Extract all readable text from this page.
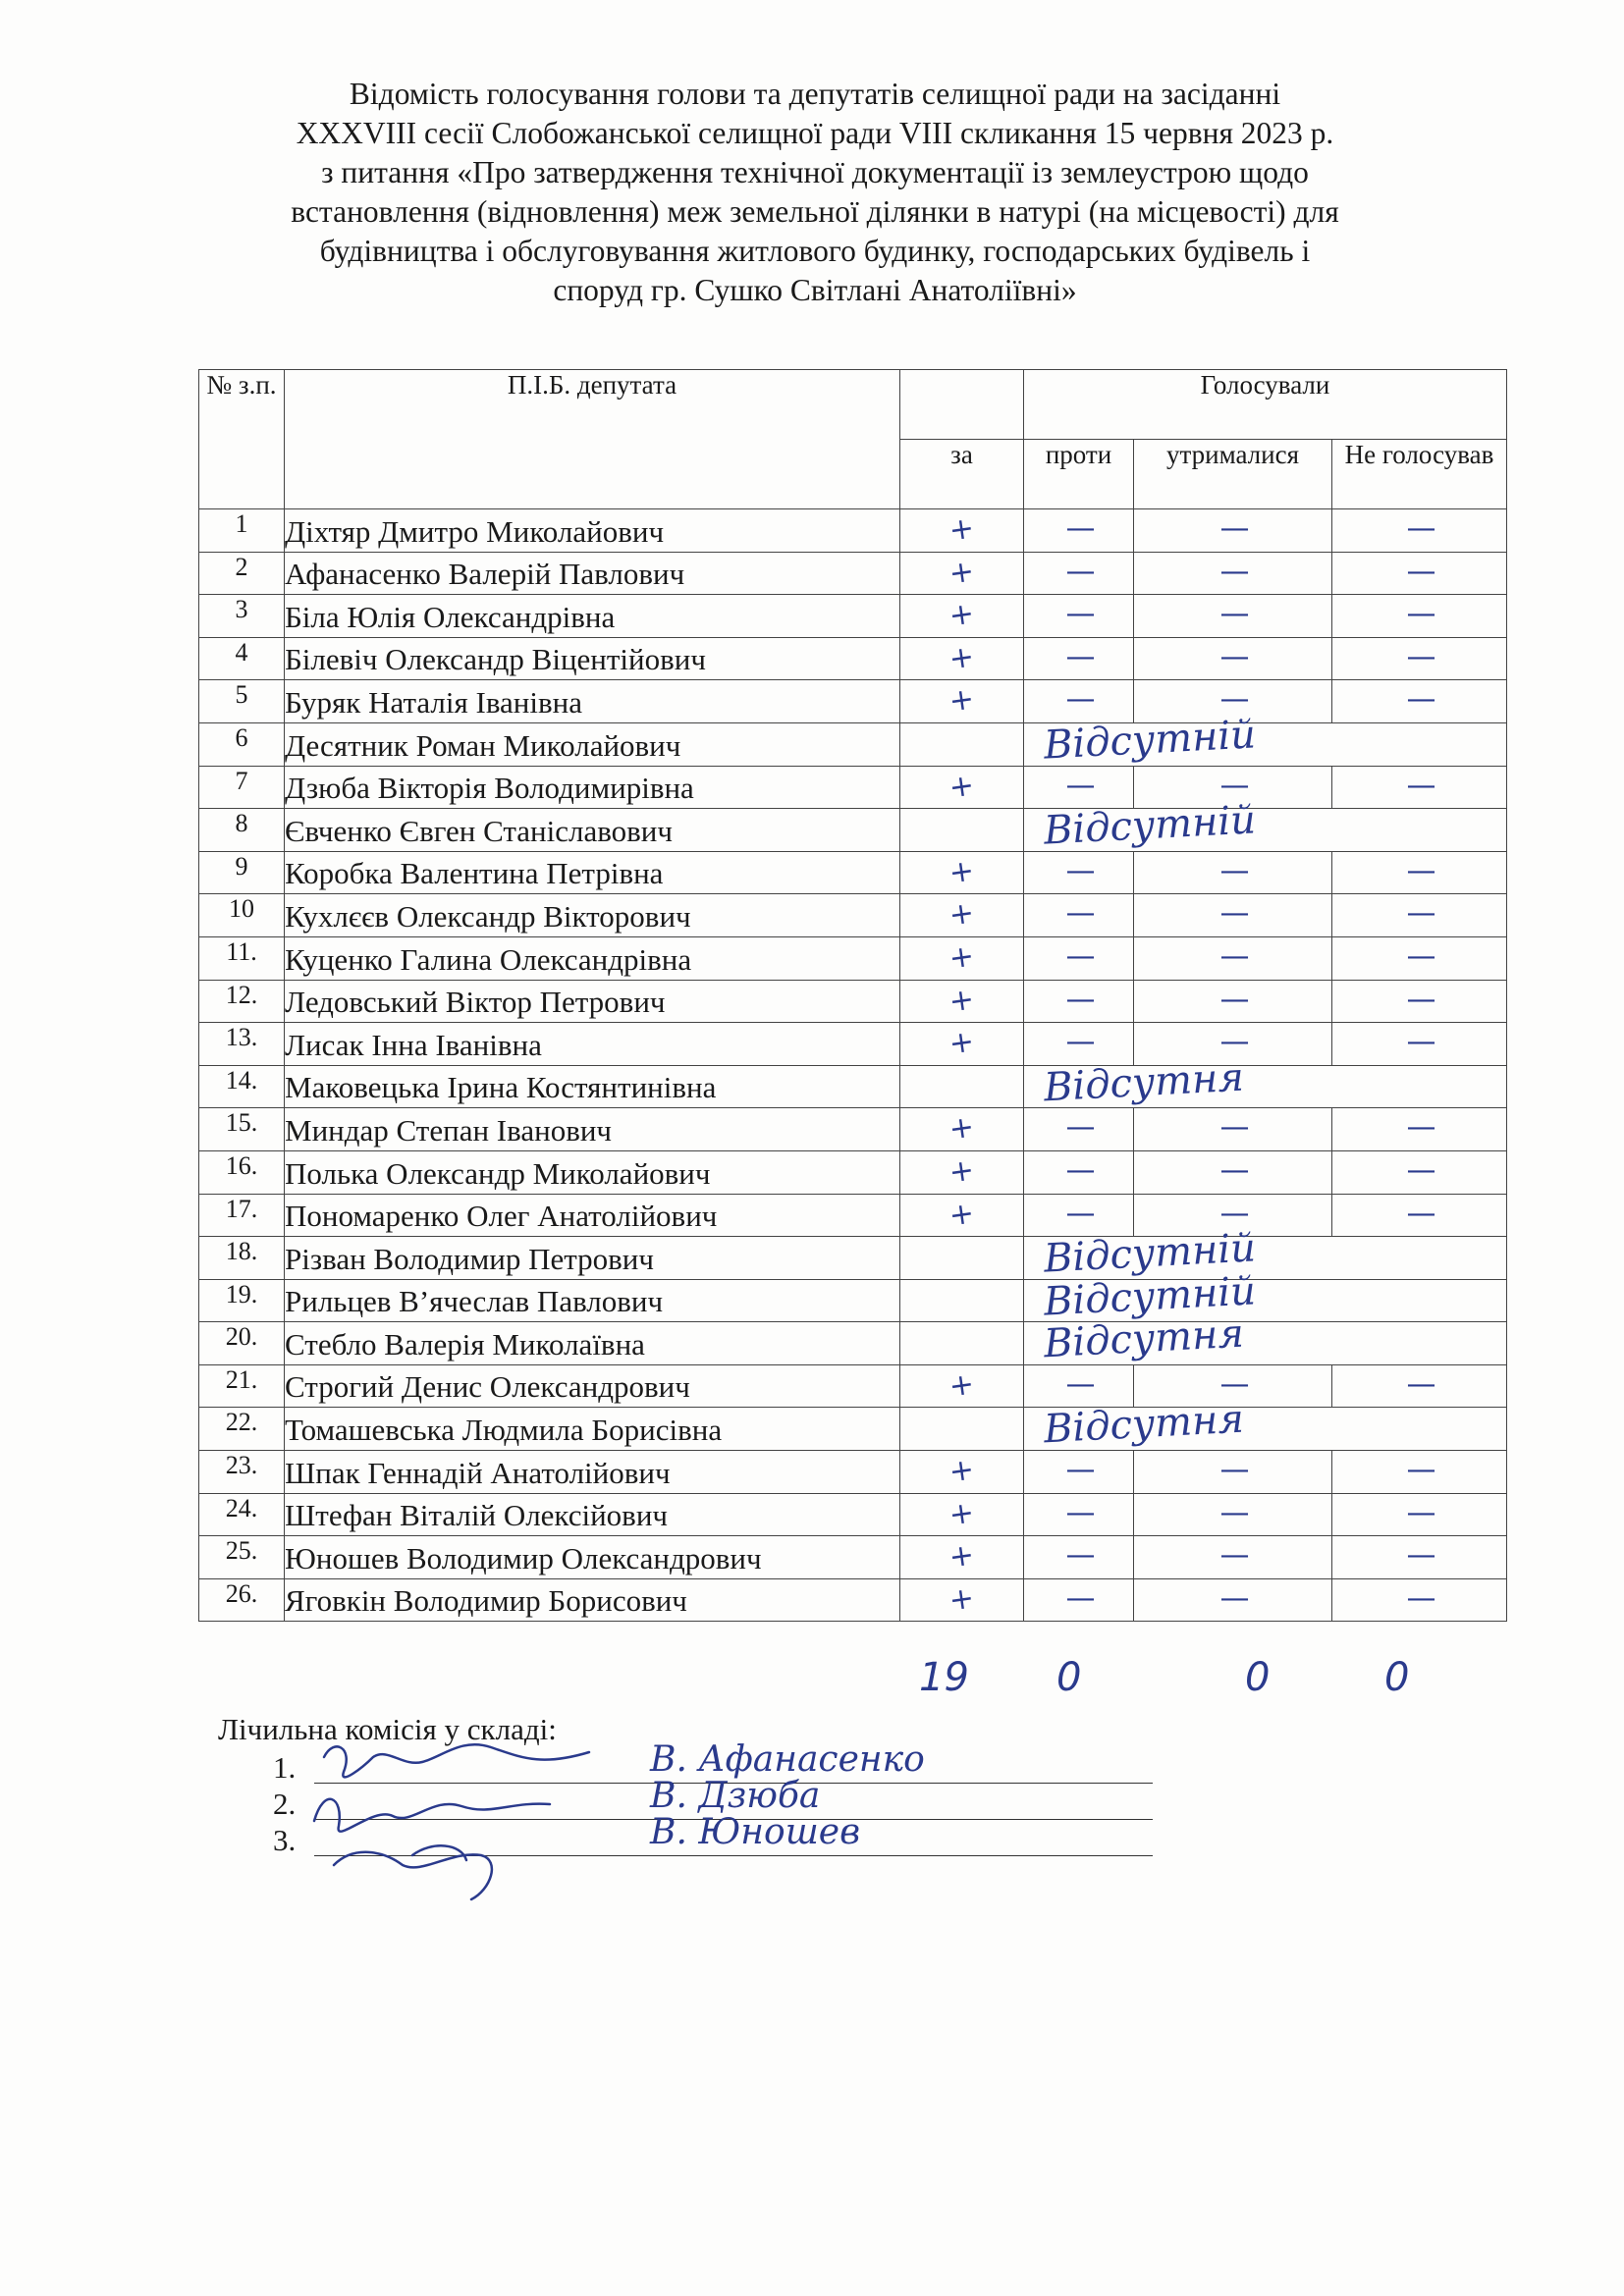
Відомість голосування голови та депутатів селищної ради на засіданні
XXXVIII сесії Слобожанської селищної ради VIII скликання 15 червня 2023 р.
з питання «Про затвердження технічної документації із землеустрою щодо
встановлення (відновлення) меж земельної ділянки в натурі (на місцевості) для
будівництва і обслуговування житлового будинку, господарських будівель і
споруд гр. Сушко Світлані Анатоліївні»
№ з.п.	П.І.Б. депутата		Голосували		
		за	проти	утрималися	Не голосував
1	Діхтяр Дмитро Миколайович	+	—	—	—

2	Афанасенко Валерій Павлович	+	—	—	—

3	Біла Юлія Олександрівна	+	—	—	—

4	Білевіч Олександр Віцентійович	+	—	—	—

5	Буряк Наталія Іванівна	+	—	—	—

6	Десятник Роман Миколайович		Відсутній		

7	Дзюба Вікторія Володимирівна	+	—	—	—

8	Євченко Євген Станіславович		Відсутній		

9	Коробка Валентина Петрівна	+	—	—	—

10	Кухлєєв Олександр Вікторович	+	—	—	—

11.	Куценко Галина Олександрівна	+	—	—	—

12.	Ледовський Віктор Петрович	+	—	—	—

13.	Лисак Інна Іванівна	+	—	—	—

14.	Маковецька Ірина Костянтинівна		Відсутня		

15.	Миндар Степан Іванович	+	—	—	—

16.	Полька Олександр Миколайович	+	—	—	—

17.	Пономаренко Олег Анатолійович	+	—	—	—

18.	Різван Володимир Петрович		Відсутній		

19.	Рильцев В’ячеслав Павлович		Відсутній		

20.	Стебло Валерія Миколаївна		Відсутня		

21.	Строгий Денис Олександрович	+	—	—	—

22.	Томашевська Людмила Борисівна		Відсутня		

23.	Шпак Геннадій Анатолійович	+	—	—	—

24.	Штефан Віталій Олексійович	+	—	—	—

25.	Юношев Володимир Олександрович	+	—	—	—

26.	Яговкін Володимир Борисович	+	—	—	—
19 0	0	0
Лічильна комісія у складі:
1.	В. Афанасенко
2.	В. Дзюба
3.	В. Юношев
